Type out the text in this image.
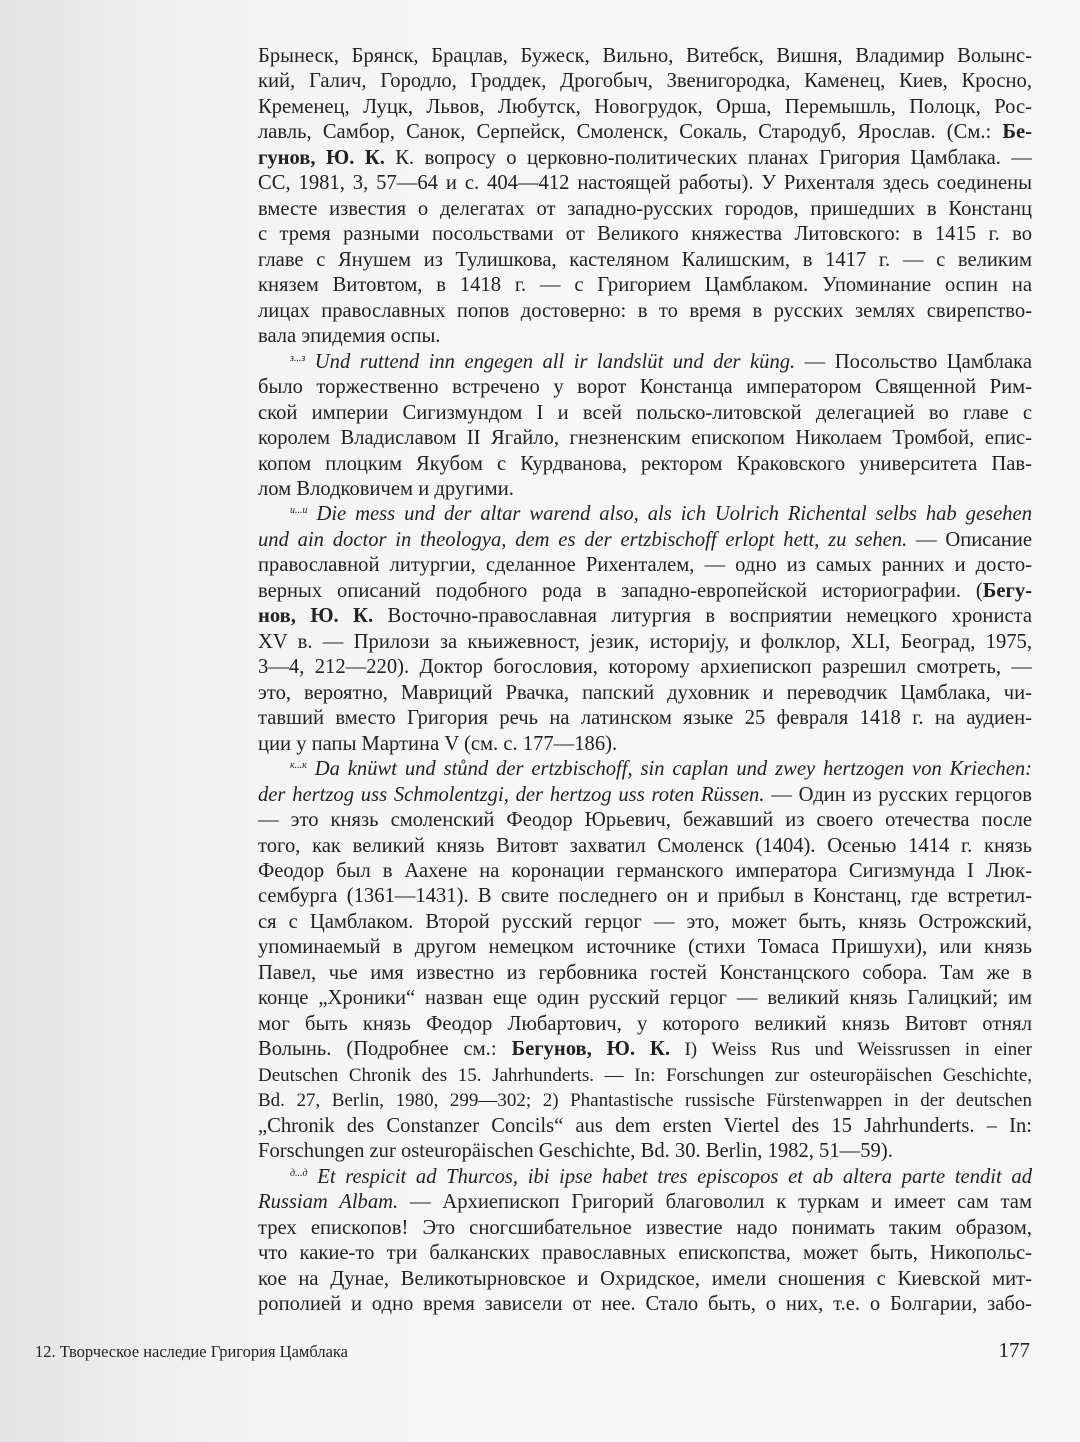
Брынеск, Брянск, Брацлав, Бужеск, Вильно, Витебск, Вишня, Владимир Волынс-
кий, Галич, Городло, Гроддек, Дрогобыч, Звенигородка, Каменец, Киев, Кросно,
Кременец, Луцк, Львов, Любутск, Новогрудок, Орша, Перемышль, Полоцк, Рос-
лавль, Самбор, Санок, Серпейск, Смоленск, Сокаль, Стародуб, Ярослав. (См.: Бе-
гунов, Ю. К. К. вопросу о церковно-политических планах Григория Цамблака. —
СС, 1981, 3, 57—64 и с. 404—412 настоящей работы). У Рихенталя здесь соединены
вместе известия о делегатах от западно-русских городов, пришедших в Констанц
с тремя разными посольствами от Великого княжества Литовского: в 1415 г. во
главе с Янушем из Тулишкова, кастеляном Калишским, в 1417 г. — с великим
князем Витовтом, в 1418 г. — с Григорием Цамблаком. Упоминание оспин на
лицах православных попов достоверно: в то время в русских землях свирепство-
вала эпидемия оспы.
$^{з...з}$ Und ruttend inn engegen all ir landslüt und der küng. — Посольство Цамблака
было торжественно встречено у ворот Констанца императором Священной Рим-
ской империи Сигизмундом I и всей польско-литовской делегацией во главе с
королем Владиславом II Ягайло, гнезненским епископом Николаем Тромбой, епис-
копом плоцким Якубом с Курдванова, ректором Краковского университета Пав-
лом Влодковичем и другими.
$^{и...и}$ Die mess und der altar warend also, als ich Uolrich Richental selbs hab gesehen
und ain doctor in theologya, dem es der ertzbischoff erlopt hett, zu sehen. — Описание
православной литургии, сделанное Рихенталем, — одно из самых ранних и досто-
верных описаний подобного рода в западно-европейской историографии. (Бегу-
нов, Ю. К. Восточно-православная литургия в восприятии немецкого хрониста
XV в. — Прилози за књижевност, језик, историју, и фолклор, XLI, Београд, 1975,
3—4, 212—220). Доктор богословия, которому архиепископ разрешил смотреть, —
это, вероятно, Мавриций Рвачка, папский духовник и переводчик Цамблака, чи-
тавший вместо Григория речь на латинском языке 25 февраля 1418 г. на аудиен-
ции у папы Мартина V (см. с. 177—186).
$^{к...к}$ Da knüwt und stůnd der ertzbischoff, sin caplan und zwey hertzogen von Kriechen:
der hertzog uss Schmolentzgi, der hertzog uss roten Rüssen. — Один из русских герцогов
— это князь смоленский Феодор Юрьевич, бежавший из своего отечества после
того, как великий князь Витовт захватил Смоленск (1404). Осенью 1414 г. князь
Феодор был в Аахене на коронации германского императора Сигизмунда I Люк-
сембурга (1361—1431). В свите последнего он и прибыл в Констанц, где встретил-
ся с Цамблаком. Второй русский герцог — это, может быть, князь Острожский,
упоминаемый в другом немецком источнике (стихи Томаса Пришухи), или князь
Павел, чье имя известно из гербовника гостей Констанцского собора. Там же в
конце „Хроники“ назван еще один русский герцог — великий князь Галицкий; им
мог быть князь Феодор Любартович, у которого великий князь Витовт отнял
Волынь. (Подробнее см.: Бегунов, Ю. К. I) Weiss Rus und Weissrussen in einer
Deutschen Chronik des 15. Jahrhunderts. — In: Forschungen zur osteuropäischen Geschichte,
Bd. 27, Berlin, 1980, 299—302; 2) Phantastische russische Fürstenwappen in der deutschen
„Chronik des Constanzer Concils“ aus dem ersten Viertel des 15 Jahrhunderts. – In:
Forschungen zur osteuropäischen Geschichte, Bd. 30. Berlin, 1982, 51—59).
$^{д...д}$ Et respicit ad Thurcos, ibi ipse habet tres episcopos et ab altera parte tendit ad
Russiam Albam. — Архиепископ Григорий благоволил к туркам и имеет сам там
трех епископов! Это сногсшибательное известие надо понимать таким образом,
что какие-то три балканских православных епископства, может быть, Никопольс-
кое на Дунае, Великотырновское и Охридское, имели сношения с Киевской мит-
рополией и одно время зависели от нее. Стало быть, о них, т.е. о Болгарии, забо-
12. Творческое наследие Григория Цамблака	177
